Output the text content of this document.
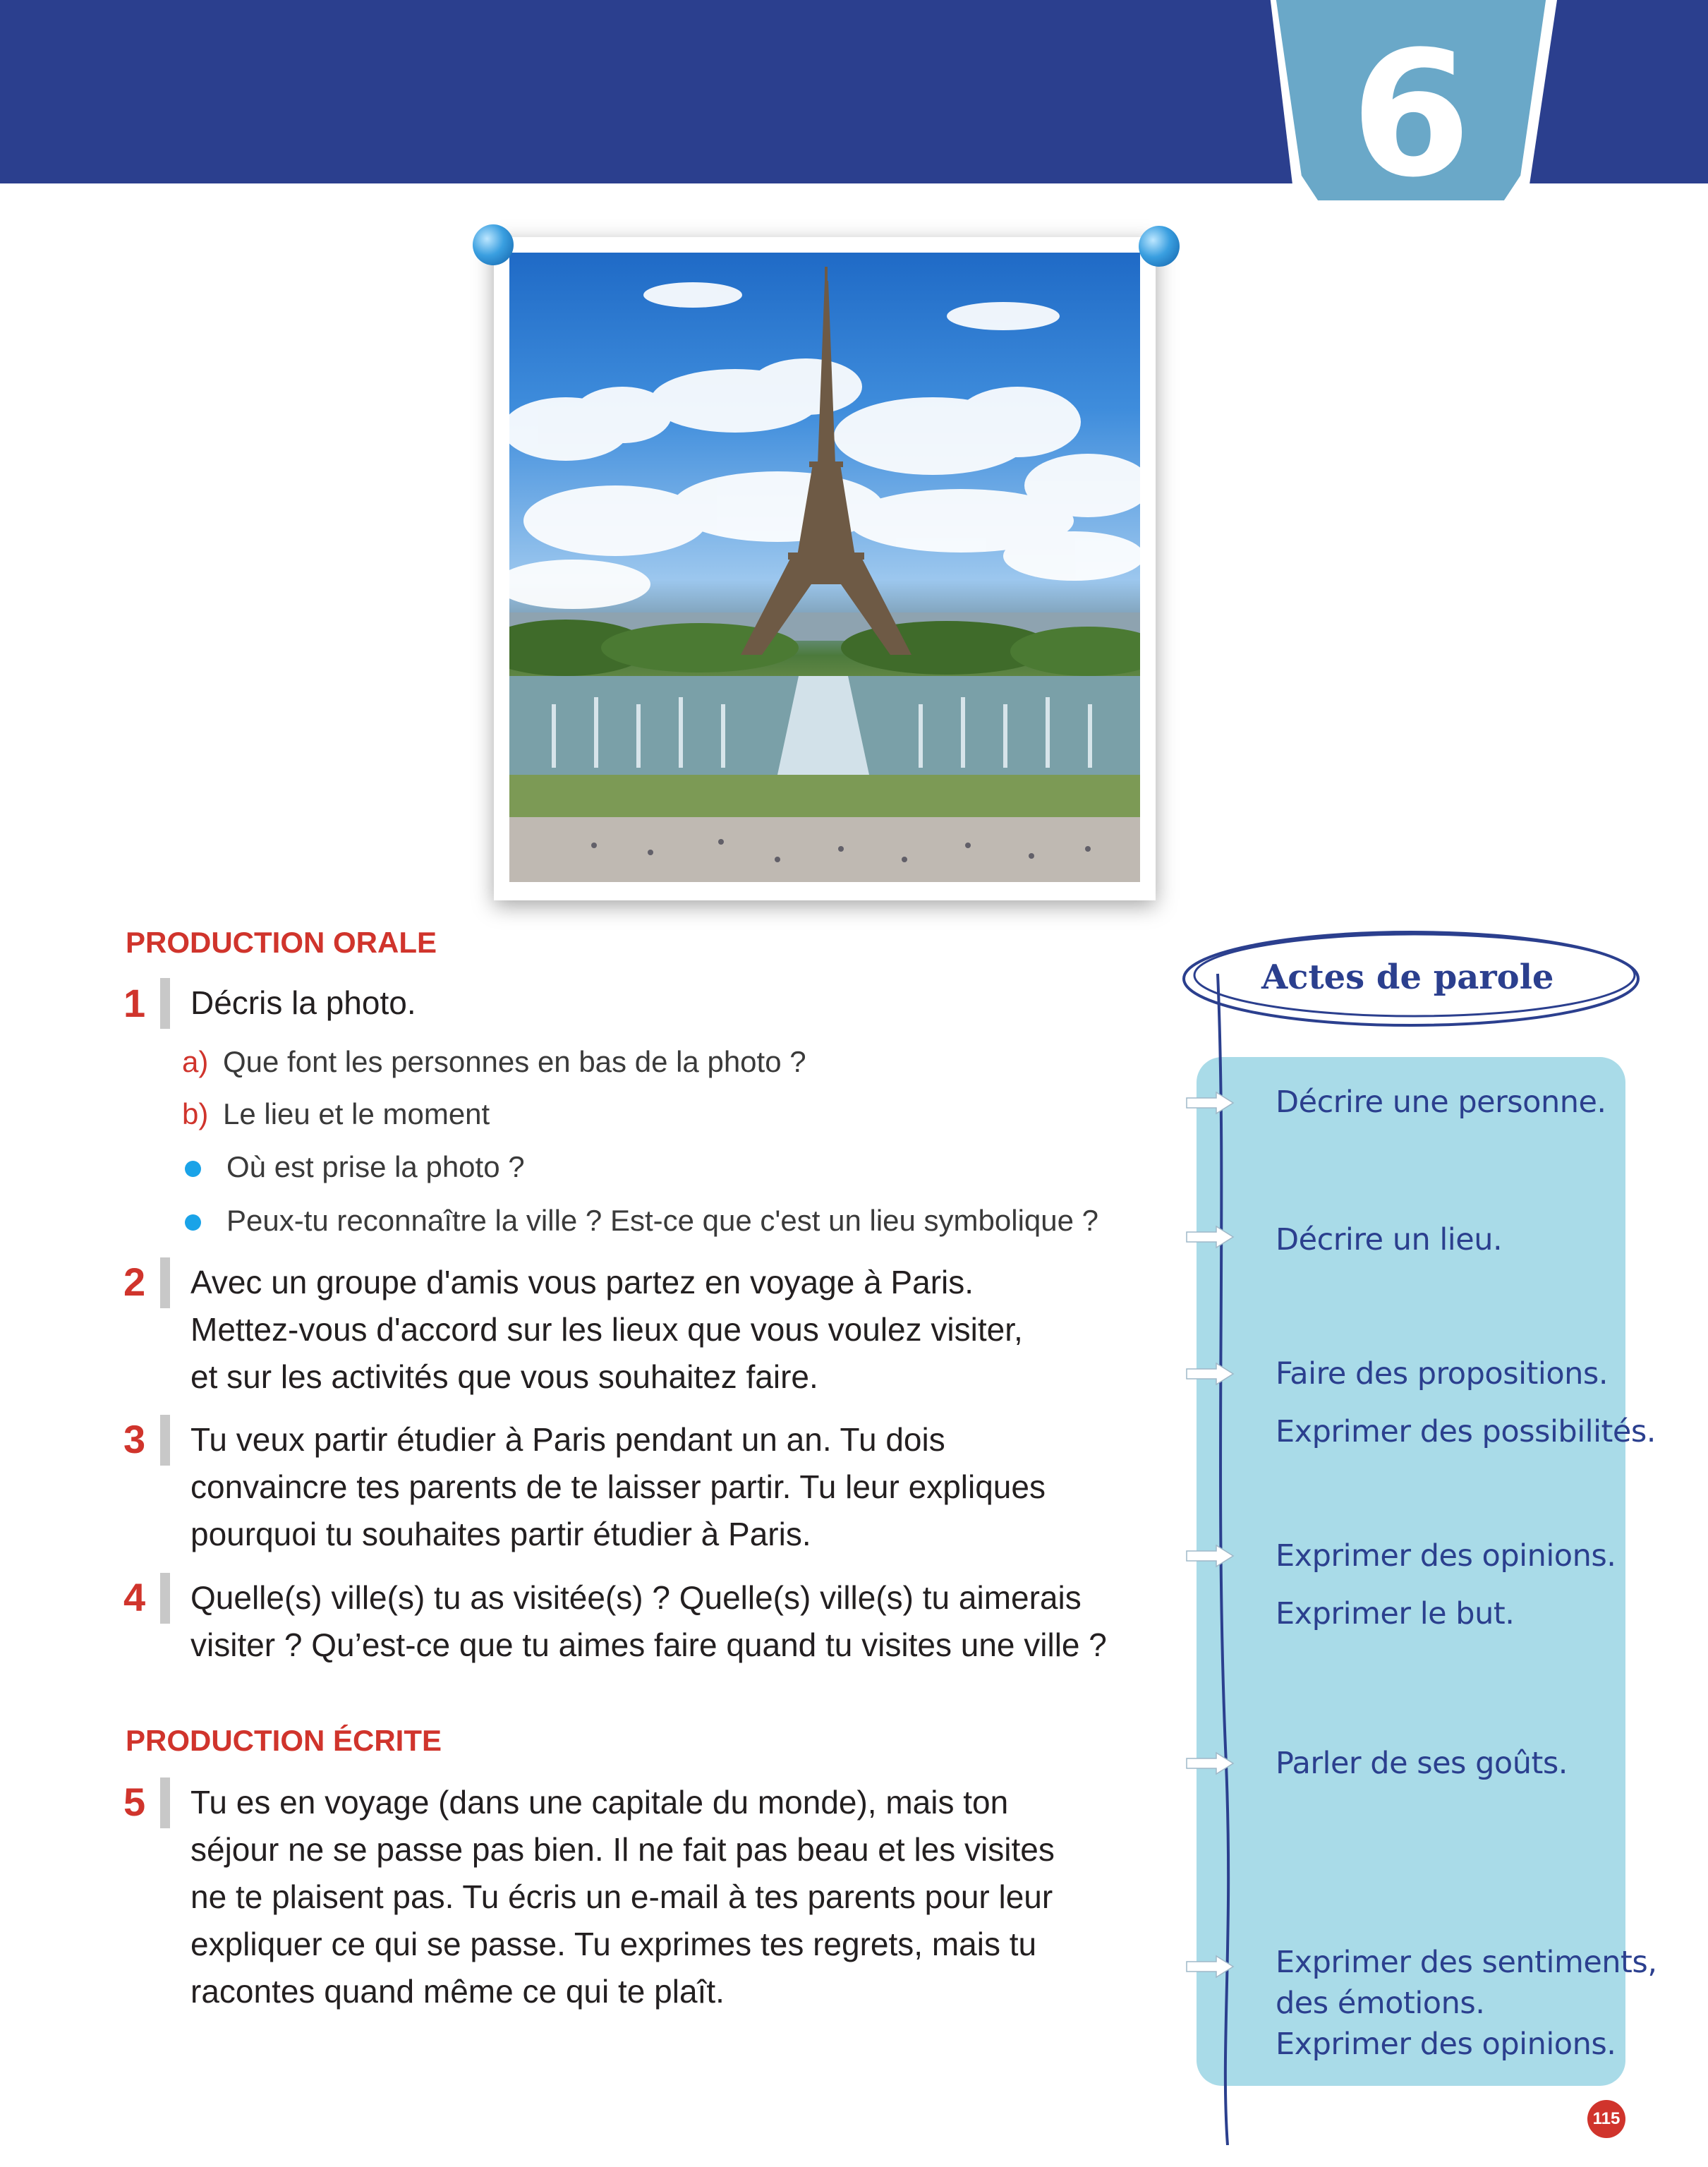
6
PRODUCTION ORALE
1	Décris la photo.
a) Que font les personnes en bas de la photo ?
b) Le lieu et le moment
Où est prise la photo ?
Peux-tu reconnaître la ville ? Est-ce que c'est un lieu symbolique ?
2	Avec un groupe d'amis vous partez en voyage à Paris.
Mettez-vous d'accord sur les lieux que vous voulez visiter,
et sur les activités que vous souhaitez faire.
3	Tu veux partir étudier à Paris pendant un an. Tu dois
convaincre tes parents de te laisser partir. Tu leur expliques
pourquoi tu souhaites partir étudier à Paris.
4	Quelle(s) ville(s) tu as visitée(s) ? Quelle(s) ville(s) tu aimerais
visiter ? Qu’est-ce que tu aimes faire quand tu visites une ville ?
PRODUCTION ÉCRITE
5	Tu es en voyage (dans une capitale du monde), mais ton
séjour ne se passe pas bien. Il ne fait pas beau et les visites
ne te plaisent pas. Tu écris un e-mail à tes parents pour leur
expliquer ce qui se passe. Tu exprimes tes regrets, mais tu
racontes quand même ce qui te plaît.
Actes de parole
Décrire une personne.
Décrire un lieu.
Faire des propositions.
Exprimer des possibilités.
Exprimer des opinions.
Exprimer le but.
Parler de ses goûts.
Exprimer des sentiments,
des émotions.
Exprimer des opinions.
115
